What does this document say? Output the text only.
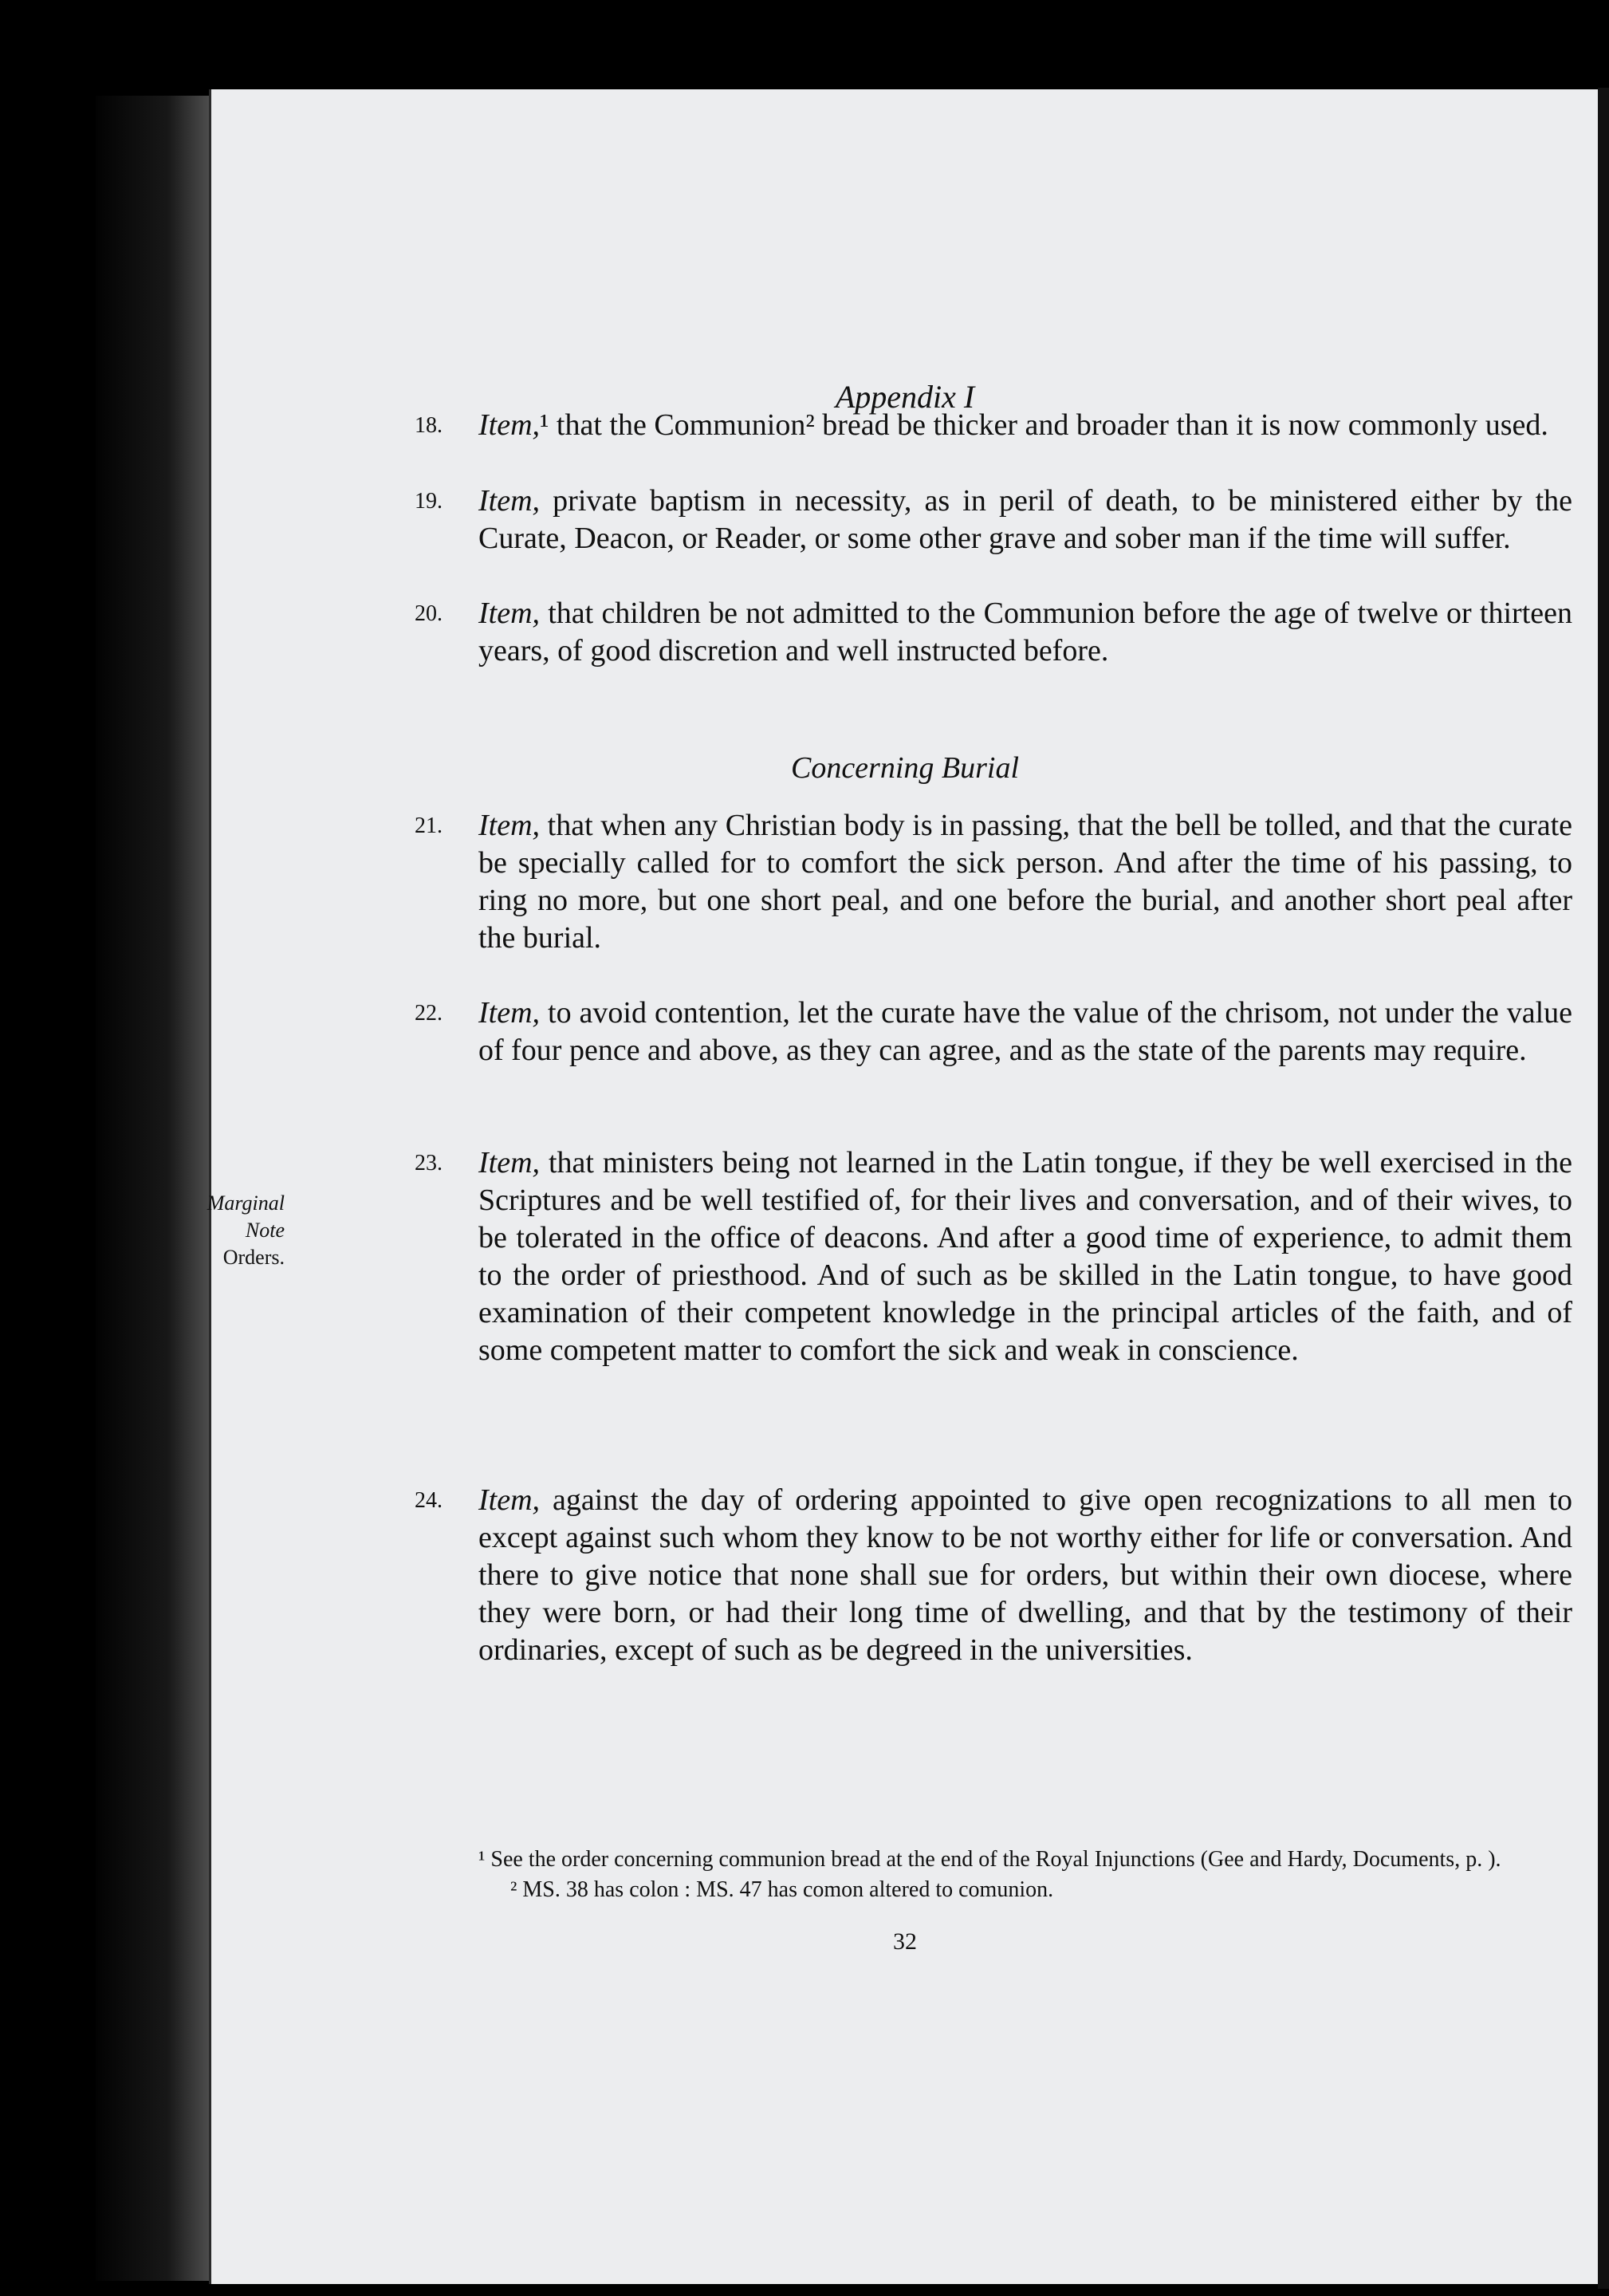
Appendix I
18. Item,¹ that the Communion² bread be thicker and broader than it is now commonly used.
19. Item, private baptism in necessity, as in peril of death, to be ministered either by the Curate, Deacon, or Reader, or some other grave and sober man if the time will suffer.
20. Item, that children be not admitted to the Communion before the age of twelve or thirteen years, of good discretion and well instructed before.
Concerning Burial
21. Item, that when any Christian body is in passing, that the bell be tolled, and that the curate be specially called for to comfort the sick person. And after the time of his passing, to ring no more, but one short peal, and one before the burial, and another short peal after the burial.
22. Item, to avoid contention, let the curate have the value of the chrisom, not under the value of four pence and above, as they can agree, and as the state of the parents may require.
Marginal
Note
Orders.
23. Item, that ministers being not learned in the Latin tongue, if they be well exercised in the Scriptures and be well testified of, for their lives and conversation, and of their wives, to be tolerated in the office of deacons. And after a good time of experience, to admit them to the order of priesthood. And of such as be skilled in the Latin tongue, to have good examination of their competent knowledge in the principal articles of the faith, and of some competent matter to comfort the sick and weak in conscience.
24. Item, against the day of ordering appointed to give open recognizations to all men to except against such whom they know to be not worthy either for life or conversation. And there to give notice that none shall sue for orders, but within their own diocese, where they were born, or had their long time of dwelling, and that by the testimony of their ordinaries, except of such as be degreed in the universities.
¹ See the order concerning communion bread at the end of the Royal Injunctions (Gee and Hardy, Documents, p. ).
² MS. 38 has colon : MS. 47 has comon altered to comunion.
32
